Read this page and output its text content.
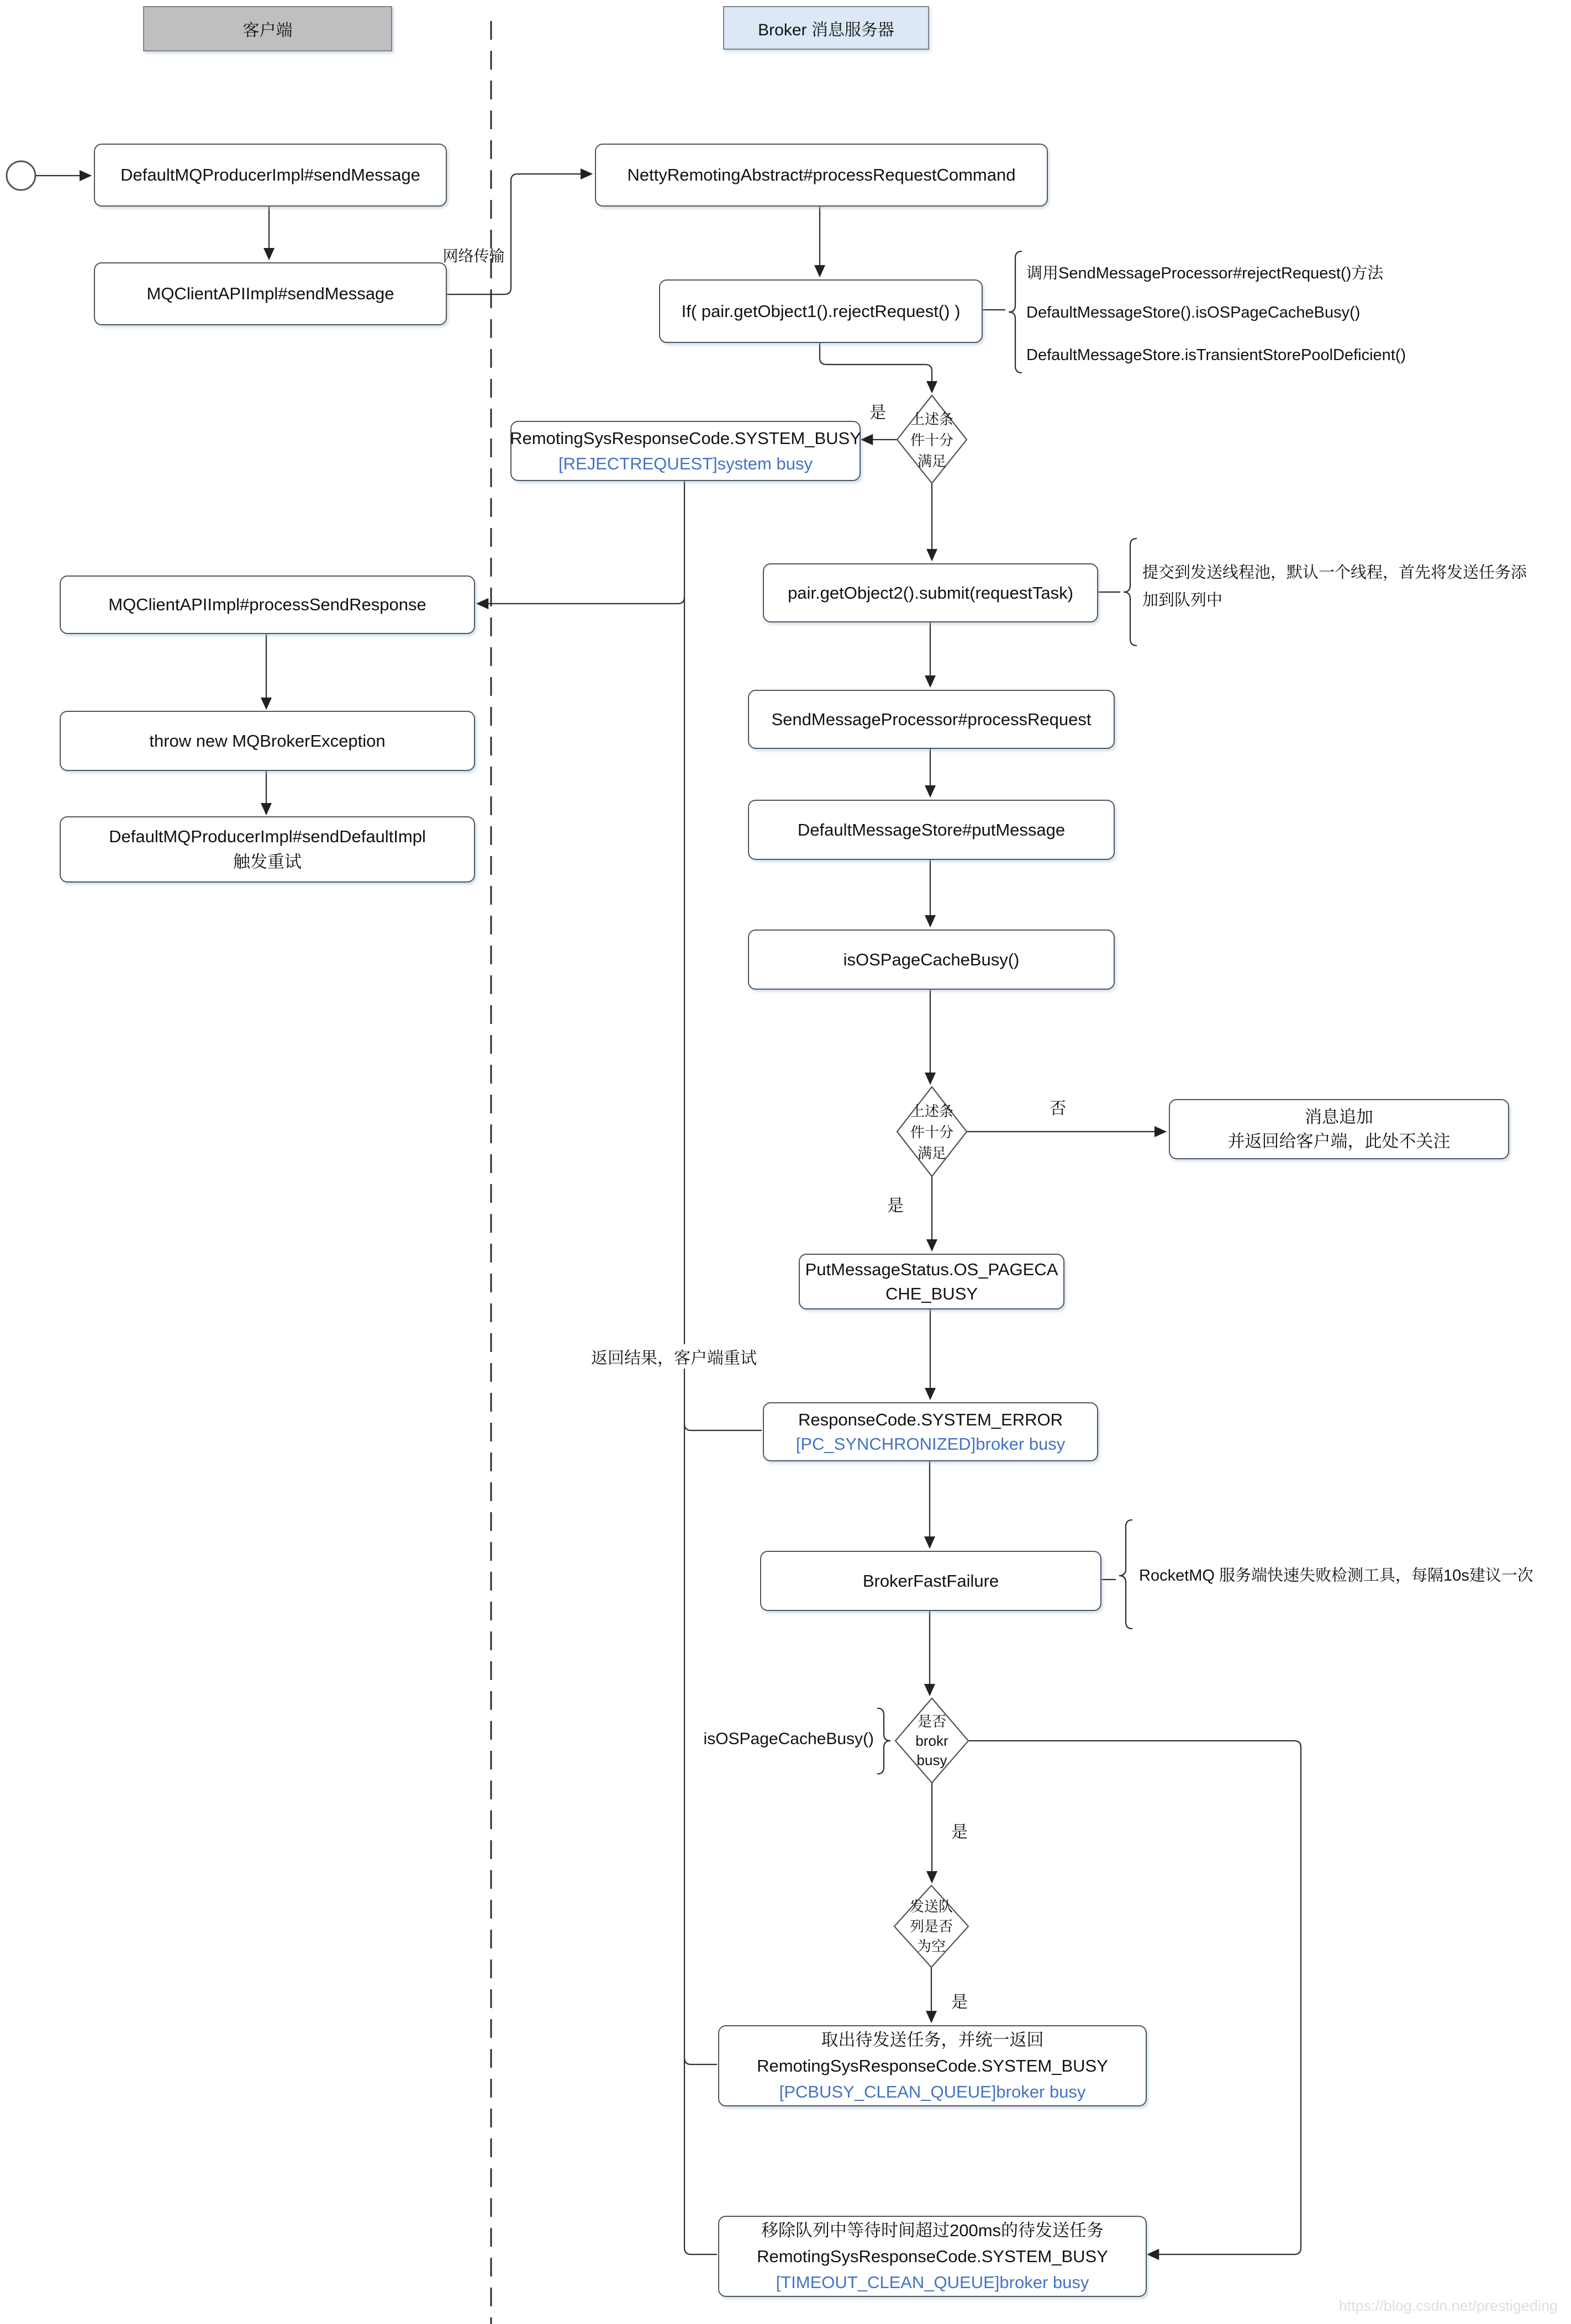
客户端	Broker 消息服务器
DefaultMQProducerImpl#sendMessage
MQClientAPIImpl#sendMessage
MQClientAPIImpl#processSendResponse
throw new MQBrokerException
DefaultMQProducerImpl#sendDefaultImpl
触发重试
NettyRemotingAbstract#processRequestCommand
If( pair.getObject1().rejectRequest() )
RemotingSysResponseCode.SYSTEM_BUSY
[REJECTREQUEST]system busy
pair.getObject2().submit(requestTask)
SendMessageProcessor#processRequest
DefaultMessageStore#putMessage
isOSPageCacheBusy()
消息追加
并返回给客户端，此处不关注
PutMessageStatus.OS_PAGECA
CHE_BUSY
ResponseCode.SYSTEM_ERROR
[PC_SYNCHRONIZED]broker busy
BrokerFastFailure
取出待发送任务，并统一返回
RemotingSysResponseCode.SYSTEM_BUSY
[PCBUSY_CLEAN_QUEUE]broker busy
移除队列中等待时间超过200ms的待发送任务
RemotingSysResponseCode.SYSTEM_BUSY
[TIMEOUT_CLEAN_QUEUE]broker busy
上述条
件十分
满足
上述条
件十分
满足
是否
brokr
busy
发送队
列是否
为空
网络传输
是
否
是
是
是
返回结果，客户端重试
isOSPageCacheBusy()
调用SendMessageProcessor#rejectRequest()方法
DefaultMessageStore().isOSPageCacheBusy()
DefaultMessageStore.isTransientStorePoolDeficient()
提交到发送线程池，默认一个线程，首先将发送任务添
加到队列中
RocketMQ 服务端快速失败检测工具，每隔10s建议一次
https://blog.csdn.net/prestigeding
